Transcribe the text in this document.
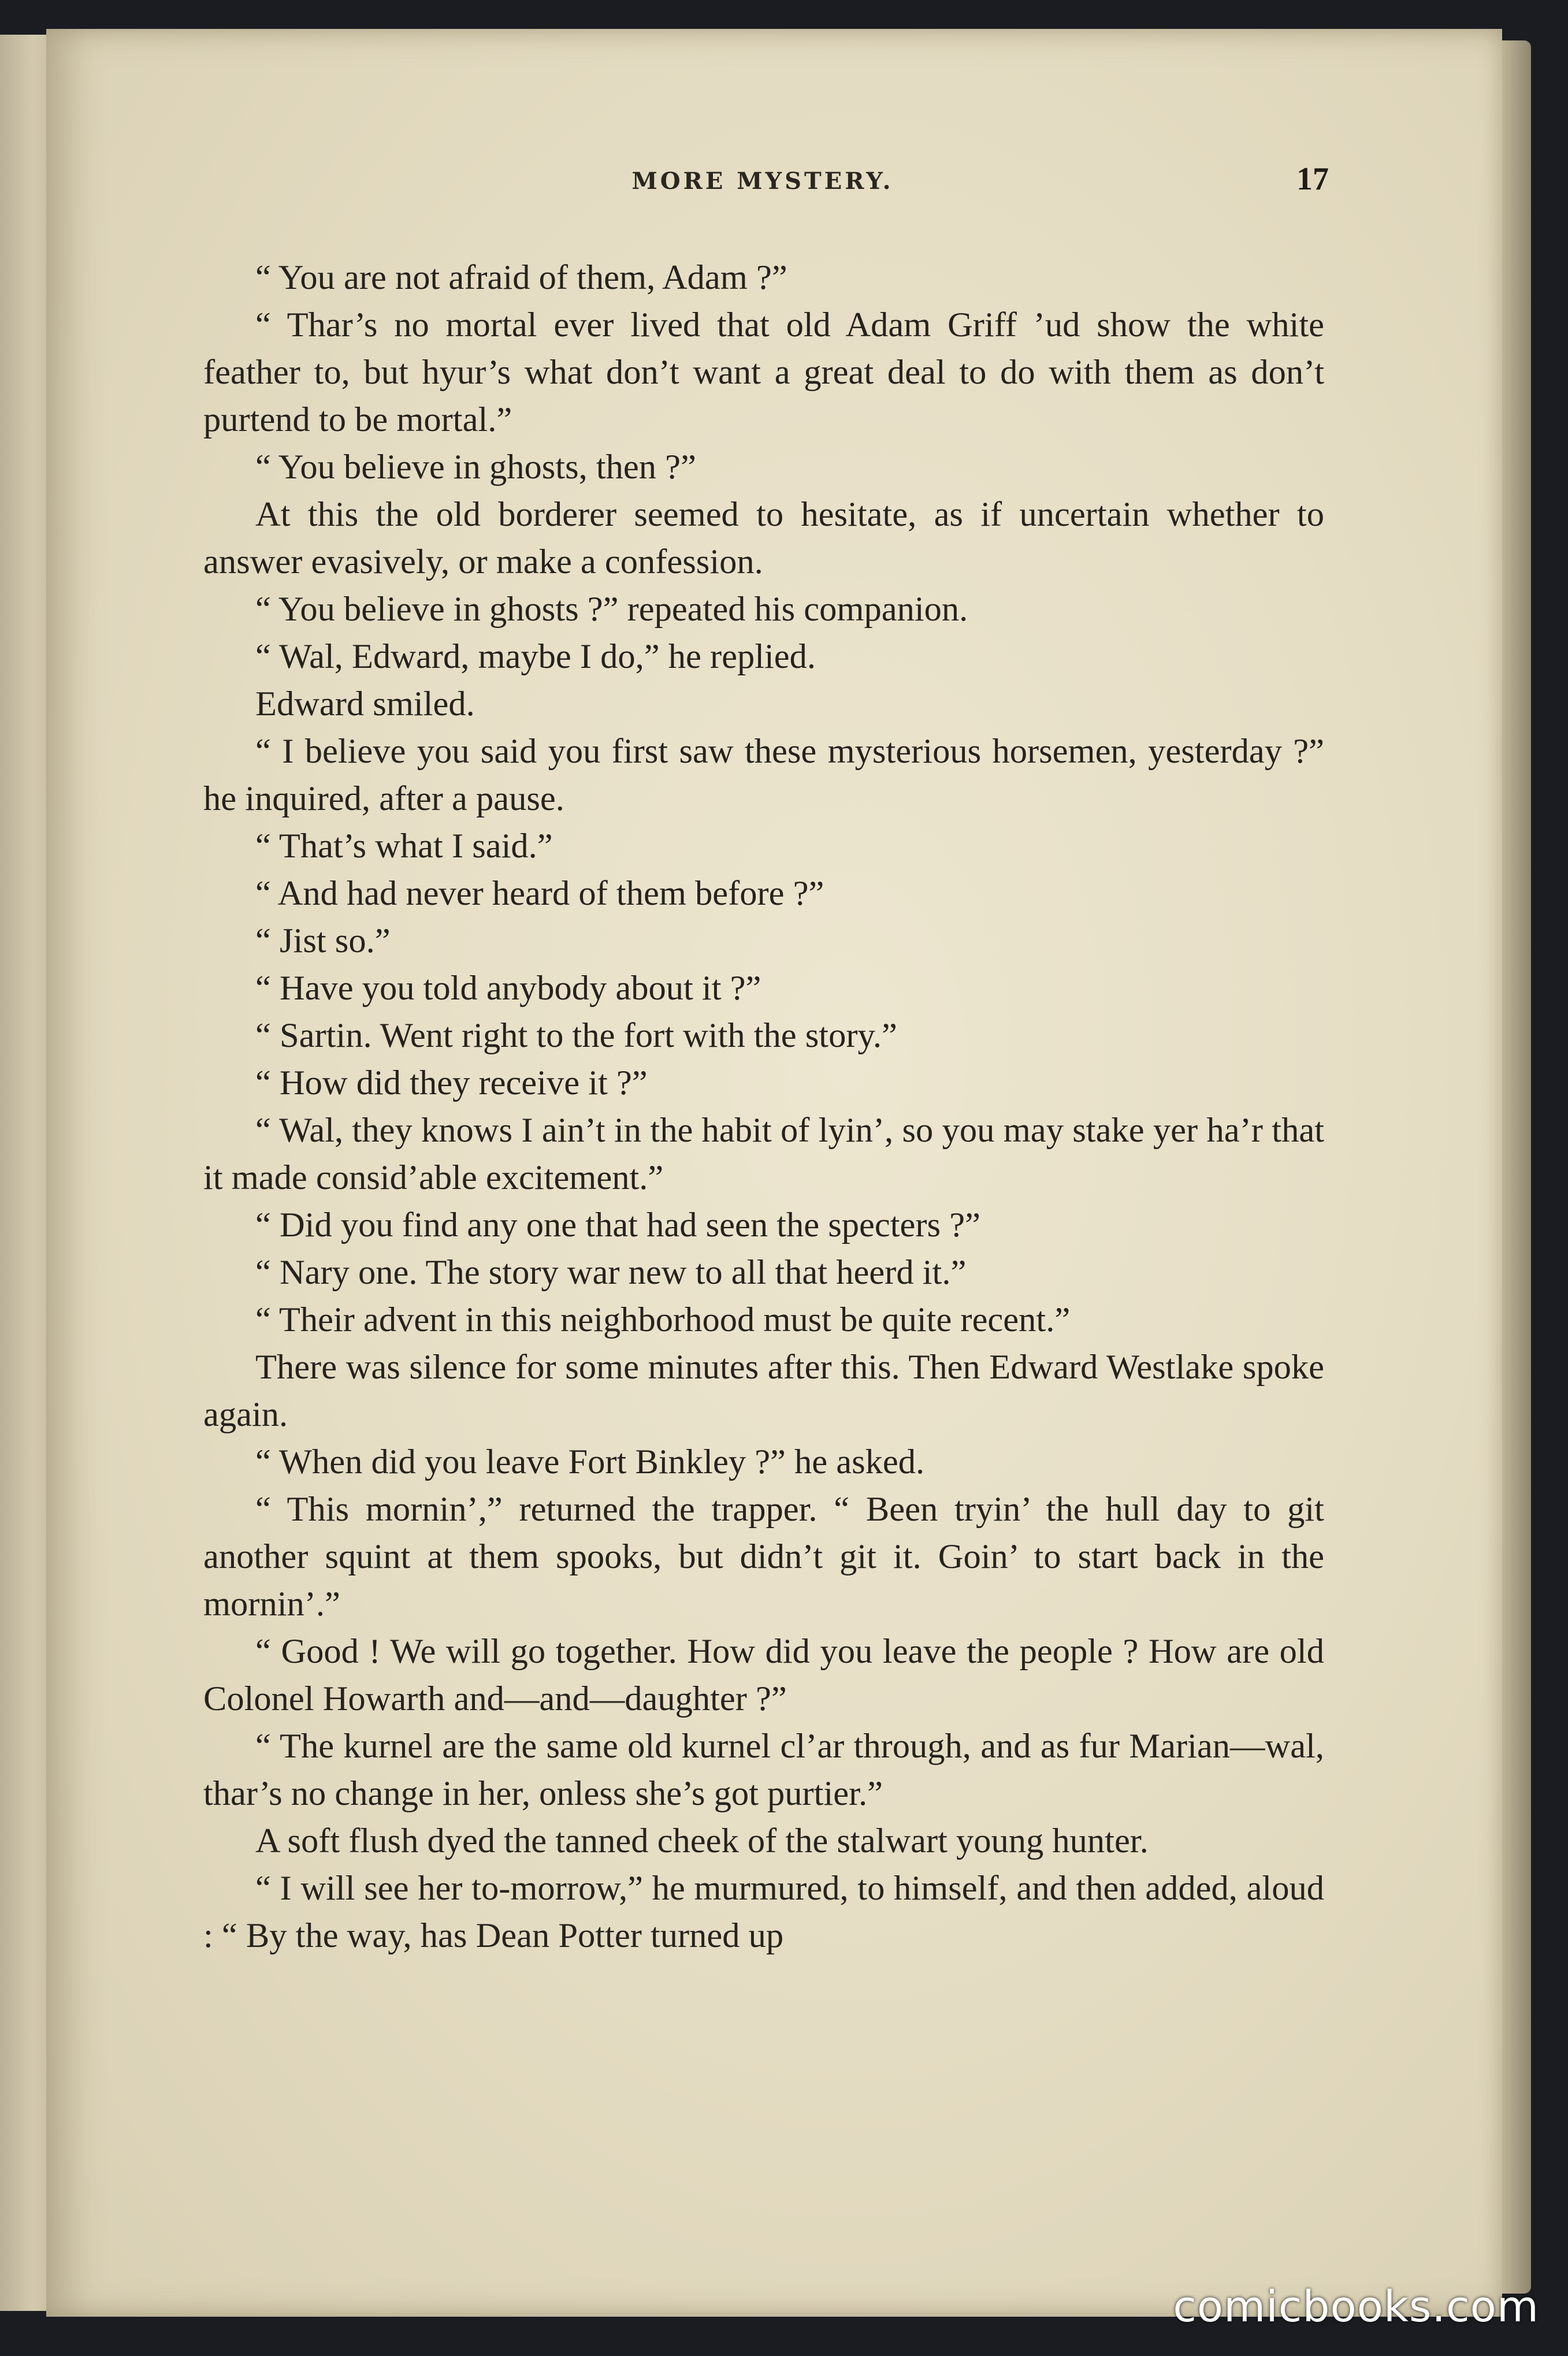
MORE MYSTERY.	17

“ You are not afraid of them, Adam ?”

“ Thar’s no mortal ever lived that old Adam Griff ’ud show the white feather to, but hyur’s what don’t want a great deal to do with them as don’t purtend to be mortal.”

“ You believe in ghosts, then ?”

At this the old borderer seemed to hesitate, as if uncertain whether to answer evasively, or make a confession.

“ You believe in ghosts ?” repeated his companion.

“ Wal, Edward, maybe I do,” he replied.

Edward smiled.

“ I believe you said you first saw these mysterious horsemen, yesterday ?” he inquired, after a pause.

“ That’s what I said.”

“ And had never heard of them before ?”

“ Jist so.”

“ Have you told anybody about it ?”

“ Sartin. Went right to the fort with the story.”

“ How did they receive it ?”

“ Wal, they knows I ain’t in the habit of lyin’, so you may stake yer ha’r that it made consid’able excitement.”

“ Did you find any one that had seen the specters ?”

“ Nary one. The story war new to all that heerd it.”

“ Their advent in this neighborhood must be quite recent.”

There was silence for some minutes after this. Then Edward Westlake spoke again.

“ When did you leave Fort Binkley ?” he asked.

“ This mornin’,” returned the trapper. “ Been tryin’ the hull day to git another squint at them spooks, but didn’t git it. Goin’ to start back in the mornin’.”

“ Good ! We will go together. How did you leave the people ? How are old Colonel Howarth and—and—daughter ?”

“ The kurnel are the same old kurnel cl’ar through, and as fur Marian—wal, thar’s no change in her, onless she’s got purtier.”

A soft flush dyed the tanned cheek of the stalwart young hunter.

“ I will see her to-morrow,” he murmured, to himself, and then added, aloud : “ By the way, has Dean Potter turned up

comicbooks.com
